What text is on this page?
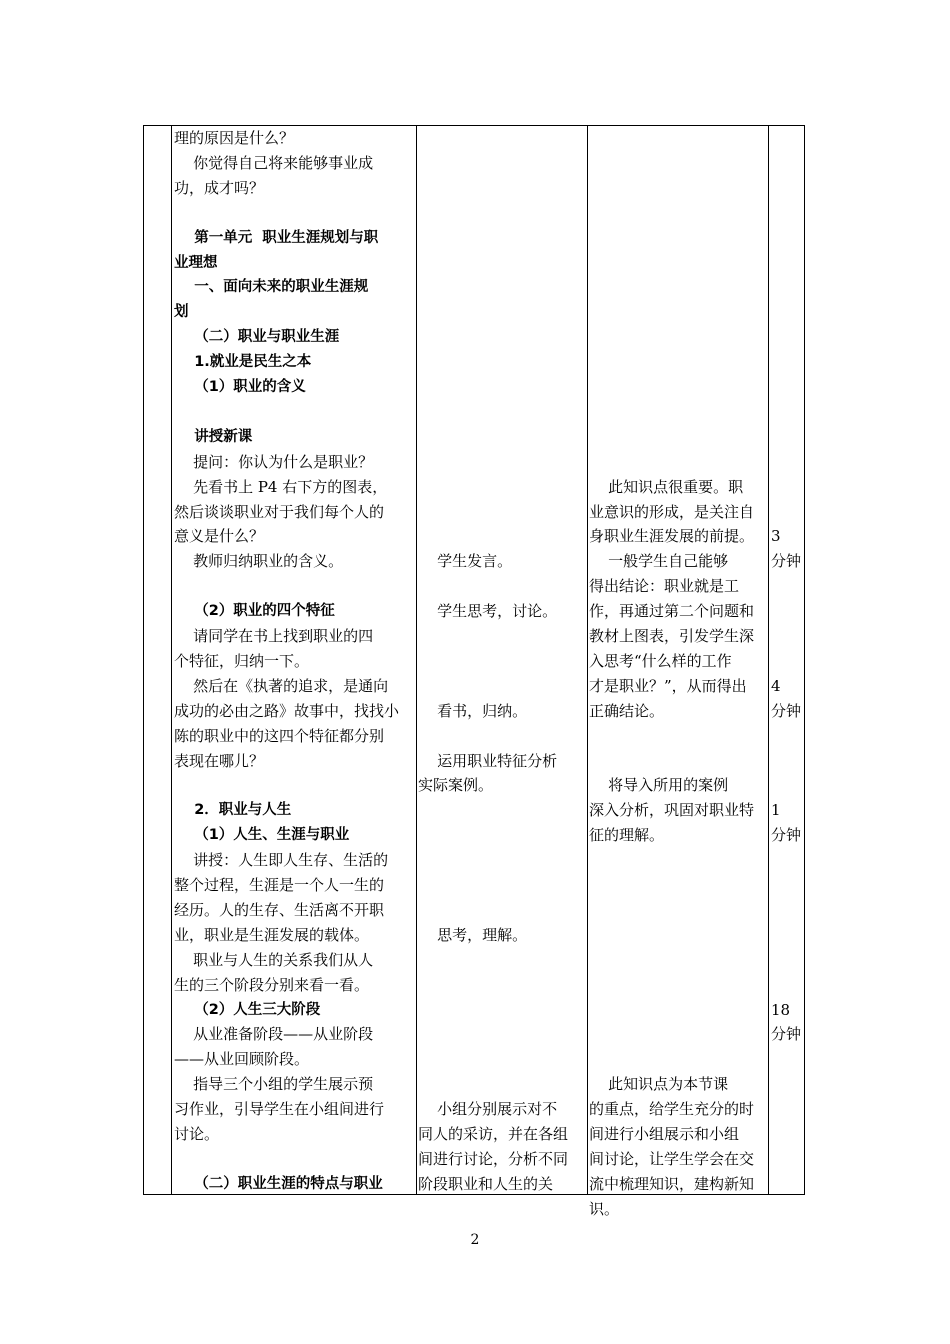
理的原因是什么？
你觉得自己将来能够事业成
功，成才吗？
第一单元  职业生涯规划与职
业理想
一、面向未来的职业生涯规
划
（二）职业与职业生涯
1.就业是民生之本
（1）职业的含义
讲授新课
提问：你认为什么是职业？
先看书上 P4 右下方的图表，
然后谈谈职业对于我们每个人的
意义是什么？
教师归纳职业的含义。
（2）职业的四个特征
请同学在书上找到职业的四
个特征，归纳一下。
然后在《执著的追求，是通向
成功的必由之路》故事中，找找小
陈的职业中的这四个特征都分别
表现在哪儿？
2．职业与人生
（1）人生、生涯与职业
讲授：人生即人生存、生活的
整个过程，生涯是一个人一生的
经历。人的生存、生活离不开职
业，职业是生涯发展的载体。
职业与人生的关系我们从人
生的三个阶段分别来看一看。
（2）人生三大阶段
从业准备阶段——从业阶段
——从业回顾阶段。
指导三个小组的学生展示预
习作业，引导学生在小组间进行
讨论。
（二）职业生涯的特点与职业
学生发言。
学生思考，讨论。
看书，归纳。
运用职业特征分析
实际案例。
思考，理解。
小组分别展示对不
同人的采访，并在各组
间进行讨论，分析不同
阶段职业和人生的关
此知识点很重要。职
业意识的形成，是关注自
身职业生涯发展的前提。
一般学生自己能够
得出结论：职业就是工
作，再通过第二个问题和
教材上图表，引发学生深
入思考“什么样的工作
才是职业？”，从而得出
正确结论。
将导入所用的案例
深入分析，巩固对职业特
征的理解。
此知识点为本节课
的重点，给学生充分的时
间进行小组展示和小组
间讨论，让学生学会在交
流中梳理知识，建构新知
识。
3
分钟
4
分钟
1
分钟
18
分钟
2
